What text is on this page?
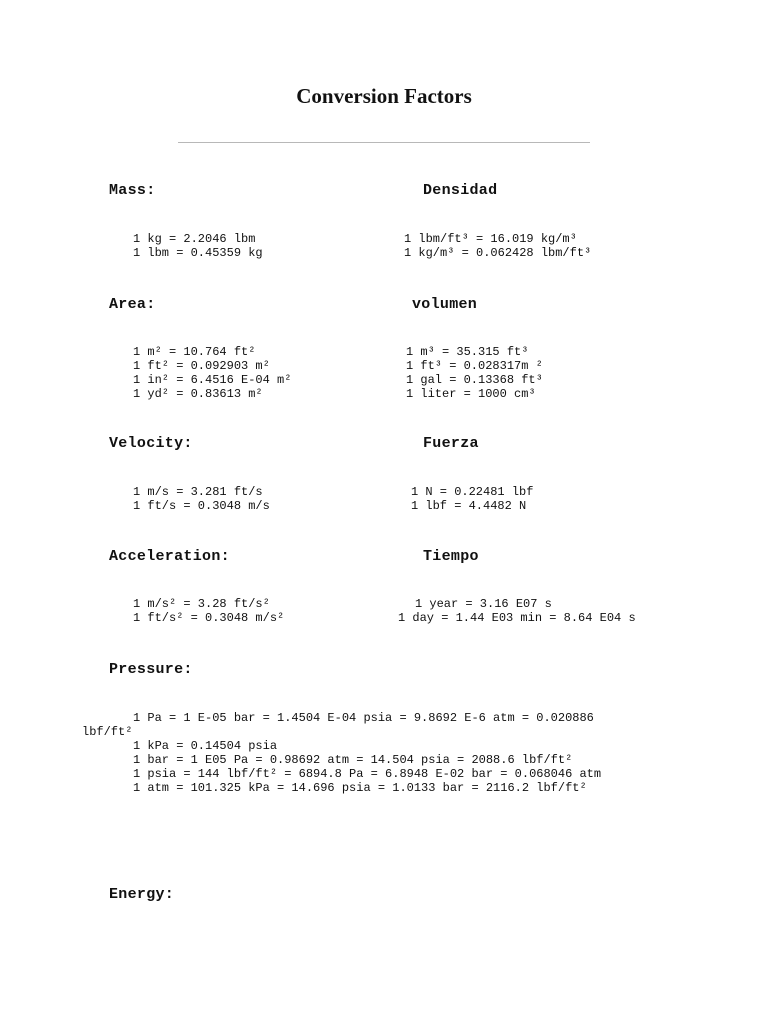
Conversion Factors
Mass:
1 kg = 2.2046 lbm
1 lbm = 0.45359 kg
Densidad
1 lbm/ft³ = 16.019 kg/m³
1 kg/m³ = 0.062428 lbm/ft³
Area:
1 m² = 10.764 ft²
1 ft² = 0.092903 m²
1 in² = 6.4516 E-04 m²
1 yd² = 0.83613 m²
volumen
1 m³ = 35.315 ft³
1 ft³ = 0.028317m ²
1 gal = 0.13368 ft³
1 liter = 1000 cm³
Velocity:
1 m/s = 3.281 ft/s
1 ft/s = 0.3048 m/s
Fuerza
1 N = 0.22481 lbf
1 lbf = 4.4482 N
Acceleration:
1 m/s² = 3.28 ft/s²
1 ft/s² = 0.3048 m/s²
Tiempo
1 year = 3.16 E07 s
1 day = 1.44 E03 min = 8.64 E04 s
Pressure:
1 Pa = 1 E-05 bar = 1.4504 E-04 psia = 9.8692 E-6 atm = 0.020886
lbf/ft²
1 kPa = 0.14504 psia
1 bar = 1 E05 Pa = 0.98692 atm = 14.504 psia = 2088.6 lbf/ft²
1 psia = 144 lbf/ft² = 6894.8 Pa = 6.8948 E-02 bar = 0.068046 atm
1 atm = 101.325 kPa = 14.696 psia = 1.0133 bar = 2116.2 lbf/ft²
Energy:
